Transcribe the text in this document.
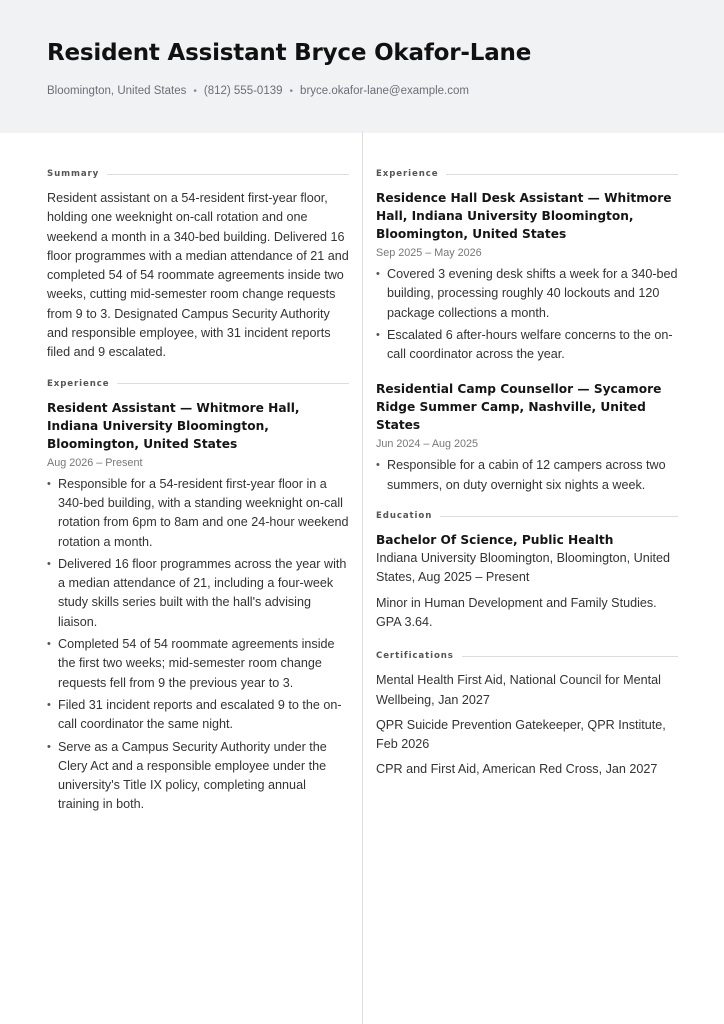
Resident Assistant Bryce Okafor-Lane
Bloomington, United States • (812) 555-0139 • bryce.okafor-lane@example.com
Summary

Resident assistant on a 54-resident first-year floor, holding one weeknight on-call rotation and one weekend a month in a 340-bed building. Delivered 16 floor programmes with a median attendance of 21 and completed 54 of 54 roommate agreements inside two weeks, cutting mid-semester room change requests from 9 to 3. Designated Campus Security Authority and responsible employee, with 31 incident reports filed and 9 escalated.

Experience

Resident Assistant — Whitmore Hall, Indiana University Bloomington, Bloomington, United States

Aug 2026 – Present
• Responsible for a 54-resident first-year floor in a 340-bed building, with a standing weeknight on-call rotation from 6pm to 8am and one 24-hour weekend rotation a month.
• Delivered 16 floor programmes across the year with a median attendance of 21, including a four-week study skills series built with the hall's advising liaison.
• Completed 54 of 54 roommate agreements inside the first two weeks; mid-semester room change requests fell from 9 the previous year to 3.
• Filed 31 incident reports and escalated 9 to the on-call coordinator the same night.
• Serve as a Campus Security Authority under the Clery Act and a responsible employee under the university's Title IX policy, completing annual training in both.
Experience

Residence Hall Desk Assistant — Whitmore Hall, Indiana University Bloomington, Bloomington, United States

Sep 2025 – May 2026
• Covered 3 evening desk shifts a week for a 340-bed building, processing roughly 40 lockouts and 120 package collections a month.
• Escalated 6 after-hours welfare concerns to the on-call coordinator across the year.

Residential Camp Counsellor — Sycamore Ridge Summer Camp, Nashville, United States

Jun 2024 – Aug 2025
• Responsible for a cabin of 12 campers across two summers, on duty overnight six nights a week.
Education

Bachelor Of Science, Public Health

Indiana University Bloomington, Bloomington, United States, Aug 2025 – Present

Minor in Human Development and Family Studies. GPA 3.64.

Certifications

Mental Health First Aid, National Council for Mental Wellbeing, Jan 2027

QPR Suicide Prevention Gatekeeper, QPR Institute, Feb 2026

CPR and First Aid, American Red Cross, Jan 2027
